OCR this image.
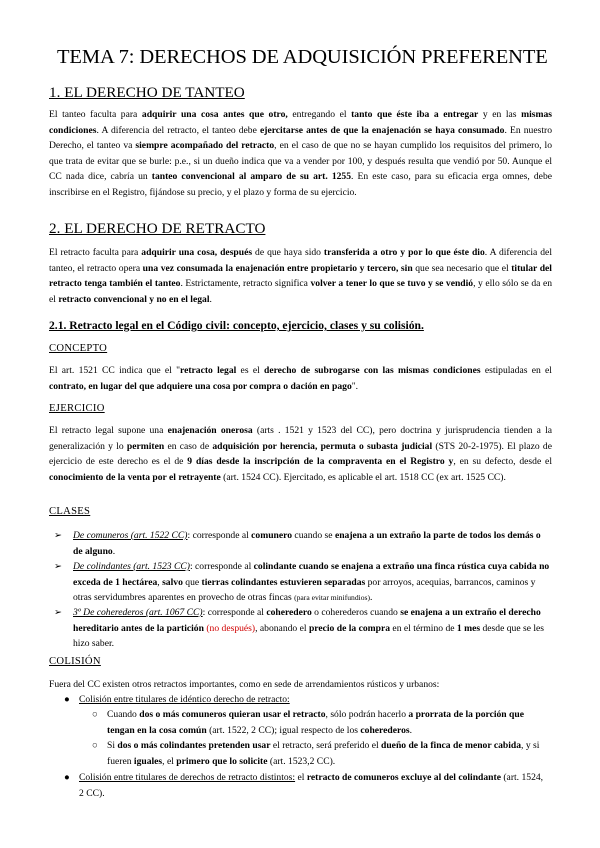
TEMA 7: DERECHOS DE ADQUISICIÓN PREFERENTE
1. EL DERECHO DE TANTEO
El tanteo faculta para adquirir una cosa antes que otro, entregando el tanto que éste iba a entregar y en las mismas condiciones. A diferencia del retracto, el tanteo debe ejercitarse antes de que la enajenación se haya consumado. En nuestro Derecho, el tanteo va siempre acompañado del retracto, en el caso de que no se hayan cumplido los requisitos del primero, lo que trata de evitar que se burle: p.e., si un dueño indica que va a vender por 100, y después resulta que vendió por 50. Aunque el CC nada dice, cabría un tanteo convencional al amparo de su art. 1255. En este caso, para su eficacia erga omnes, debe inscribirse en el Registro, fijándose su precio, y el plazo y forma de su ejercicio.
2. EL DERECHO DE RETRACTO
El retracto faculta para adquirir una cosa, después de que haya sido transferida a otro y por lo que éste dio. A diferencia del tanteo, el retracto opera una vez consumada la enajenación entre propietario y tercero, sin que sea necesario que el titular del retracto tenga también el tanteo. Estrictamente, retracto significa volver a tener lo que se tuvo y se vendió, y ello sólo se da en el retracto convencional y no en el legal.
2.1. Retracto legal en el Código civil: concepto, ejercicio, clases y su colisión.
CONCEPTO
El art. 1521 CC indica que el "retracto legal es el derecho de subrogarse con las mismas condiciones estipuladas en el contrato, en lugar del que adquiere una cosa por compra o dación en pago".
EJERCICIO
El retracto legal supone una enajenación onerosa (arts . 1521 y 1523 del CC), pero doctrina y jurisprudencia tienden a la generalización y lo permiten en caso de adquisición por herencia, permuta o subasta judicial (STS 20-2-1975). El plazo de ejercicio de este derecho es el de 9 días desde la inscripción de la compraventa en el Registro y, en su defecto, desde el conocimiento de la venta por el retrayente (art. 1524 CC). Ejercitado, es aplicable el art. 1518 CC (ex art. 1525 CC).
CLASES
➢ De comuneros (art. 1522 CC): corresponde al comunero cuando se enajena a un extraño la parte de todos los demás o de alguno.
➢ De colindantes (art. 1523 CC): corresponde al colindante cuando se enajena a extraño una finca rústica cuya cabida no exceda de 1 hectárea, salvo que tierras colindantes estuvieren separadas por arroyos, acequias, barrancos, caminos y otras servidumbres aparentes en provecho de otras fincas (para evitar minifundios).
➢ 3º De coherederos (art. 1067 CC): corresponde al coheredero o coherederos cuando se enajena a un extraño el derecho hereditario antes de la partición (no después), abonando el precio de la compra en el término de 1 mes desde que se les hizo saber.
COLISIÓN
Fuera del CC existen otros retractos importantes, como en sede de arrendamientos rústicos y urbanos:
● Colisión entre titulares de idéntico derecho de retracto:
○ Cuando dos o más comuneros quieran usar el retracto, sólo podrán hacerlo a prorrata de la porción que tengan en la cosa común (art. 1522, 2 CC); igual respecto de los coherederos.
○ Si dos o más colindantes pretenden usar el retracto, será preferido el dueño de la finca de menor cabida, y si fueren iguales, el primero que lo solicite (art. 1523,2 CC).
● Colisión entre titulares de derechos de retracto distintos: el retracto de comuneros excluye al del colindante (art. 1524, 2 CC).
